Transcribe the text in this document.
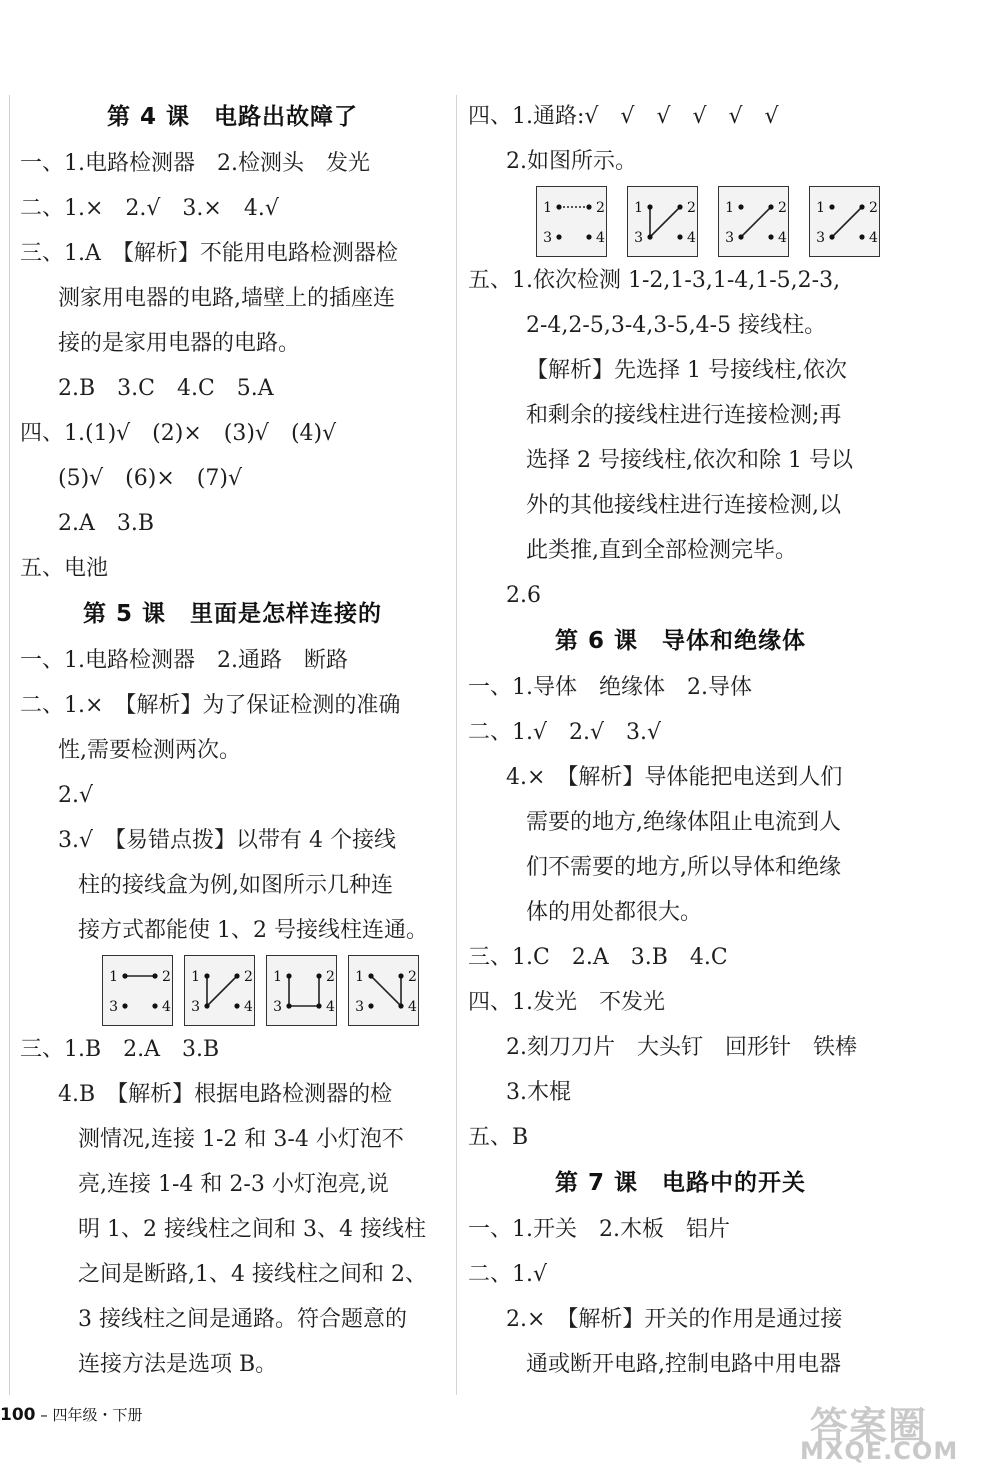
第 4 课　电路出故障了
一、1.电路检测器　2.检测头　发光
二、1.×　2.√　3.×　4.√
三、1.A　【解析】不能用电路检测器检
测家用电器的电路,墙壁上的插座连
接的是家用电器的电路。
2.B　3.C　4.C　5.A
四、1.(1)√　(2)×　(3)√　(4)√
(5)√　(6)×　(7)√
2.A　3.B
五、电池
第 5 课　里面是怎样连接的
一、1.电路检测器　2.通路　断路
二、1.×　【解析】为了保证检测的准确
性,需要检测两次。
2.√
3.√　【易错点拨】以带有 4 个接线
柱的接线盒为例,如图所示几种连
接方式都能使 1、2 号接线柱连通。
1	2
3	4
1	2
3	4
1	2
3	4
1	2
3	4
三、1.B　2.A　3.B
4.B　【解析】根据电路检测器的检
测情况,连接 1-2 和 3-4 小灯泡不
亮,连接 1-4 和 2-3 小灯泡亮,说
明 1、2 接线柱之间和 3、4 接线柱
之间是断路,1、4 接线柱之间和 2、
3 接线柱之间是通路。符合题意的
连接方法是选项 B。
四、1.通路:√　√　√　√　√　√
2.如图所示。
1	2
3	4
1	2
3	4
1	2
3	4
1	2
3	4
五、1.依次检测 1-2,1-3,1-4,1-5,2-3,
2-4,2-5,3-4,3-5,4-5 接线柱。
【解析】先选择 1 号接线柱,依次
和剩余的接线柱进行连接检测;再
选择 2 号接线柱,依次和除 1 号以
外的其他接线柱进行连接检测,以
此类推,直到全部检测完毕。
2.6
第 6 课　导体和绝缘体
一、1.导体　绝缘体　2.导体
二、1.√　2.√　3.√
4.×　【解析】导体能把电送到人们
需要的地方,绝缘体阻止电流到人
们不需要的地方,所以导体和绝缘
体的用处都很大。
三、1.C　2.A　3.B　4.C
四、1.发光　不发光
2.刻刀刀片　大头钉　回形针　铁棒
3.木棍
五、B
第 7 课　电路中的开关
一、1.开关　2.木板　铝片
二、1.√
2.×　【解析】开关的作用是通过接
通或断开电路,控制电路中用电器
100 – 四年级・下册	答案圈
MXQE.COM
